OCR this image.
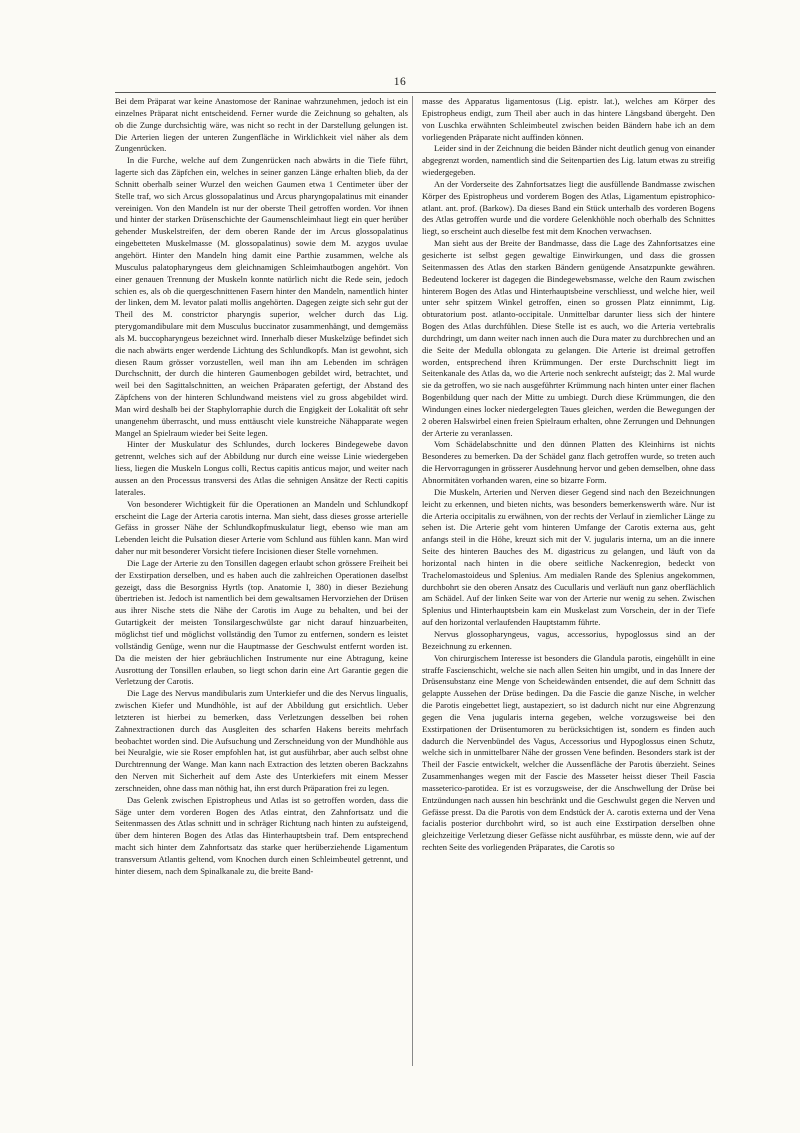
16

Bei dem Präparat war keine Anastomose der Raninae wahrzunehmen, jedoch ist ein einzelnes Präparat nicht entscheidend. Ferner wurde die Zeichnung so gehalten, als ob die Zunge durchsichtig wäre, was nicht so recht in der Darstellung gelungen ist. Die Arterien liegen der unteren Zungenfläche in Wirklichkeit viel näher als dem Zungenrücken.

In die Furche, welche auf dem Zungenrücken nach abwärts in die Tiefe führt, lagerte sich das Zäpfchen ein, welches in seiner ganzen Länge erhalten blieb, da der Schnitt oberhalb seiner Wurzel den weichen Gaumen etwa 1 Centimeter über der Stelle traf, wo sich Arcus glossopalatinus und Arcus pharyngopalatinus mit einander vereinigen. Von den Mandeln ist nur der oberste Theil getroffen worden. Vor ihnen und hinter der starken Drüsenschichte der Gaumenschleimhaut liegt ein quer herüber gehender Muskelstreifen, der dem oberen Rande der im Arcus glossopalatinus eingebetteten Muskelmasse (M. glossopalatinus) sowie dem M. azygos uvulae angehört. Hinter den Mandeln hing damit eine Parthie zusammen, welche als Musculus palatopharyngeus dem gleichnamigen Schleimhautbogen angehört. Von einer genauen Trennung der Muskeln konnte natürlich nicht die Rede sein, jedoch schien es, als ob die quergeschnittenen Fasern hinter den Mandeln, namentlich hinter der linken, dem M. levator palati mollis angehörten. Dagegen zeigte sich sehr gut der Theil des M. constrictor pharyngis superior, welcher durch das Lig. pterygomandibulare mit dem Musculus buccinator zusammenhängt, und demgemäss als M. buccopharyngeus bezeichnet wird. Innerhalb dieser Muskelzüge befindet sich die nach abwärts enger werdende Lichtung des Schlundkopfs. Man ist gewohnt, sich diesen Raum grösser vorzustellen, weil man ihn am Lebenden im schrägen Durchschnitt, der durch die hinteren Gaumenbogen gebildet wird, betrachtet, und weil bei den Sagittalschnitten, an weichen Präparaten gefertigt, der Abstand des Zäpfchens von der hinteren Schlundwand meistens viel zu gross abgebildet wird. Man wird deshalb bei der Staphylorraphie durch die Engigkeit der Lokalität oft sehr unangenehm überrascht, und muss enttäuscht viele kunstreiche Nähapparate wegen Mangel an Spielraum wieder bei Seite legen.

Hinter der Muskulatur des Schlundes, durch lockeres Bindegewebe davon getrennt, welches sich auf der Abbildung nur durch eine weisse Linie wiedergeben liess, liegen die Muskeln Longus colli, Rectus capitis anticus major, und weiter nach aussen an den Processus transversi des Atlas die sehnigen Ansätze der Recti capitis laterales.

Von besonderer Wichtigkeit für die Operationen an Mandeln und Schlundkopf erscheint die Lage der Arteria carotis interna. Man sieht, dass dieses grosse arterielle Gefäss in grosser Nähe der Schlundkopfmuskulatur liegt, ebenso wie man am Lebenden leicht die Pulsation dieser Arterie vom Schlund aus fühlen kann. Man wird daher nur mit besonderer Vorsicht tiefere Incisionen dieser Stelle vornehmen.

Die Lage der Arterie zu den Tonsillen dagegen erlaubt schon grössere Freiheit bei der Exstirpation derselben, und es haben auch die zahlreichen Operationen daselbst gezeigt, dass die Besorgniss Hyrtls (top. Anatomie I, 380) in dieser Beziehung übertrieben ist. Jedoch ist namentlich bei dem gewaltsamen Hervorziehen der Drüsen aus ihrer Nische stets die Nähe der Carotis im Auge zu behalten, und bei der Gutartigkeit der meisten Tonsilargeschwülste gar nicht darauf hinzuarbeiten, möglichst tief und möglichst vollständig den Tumor zu entfernen, sondern es leistet vollständig Genüge, wenn nur die Hauptmasse der Geschwulst entfernt worden ist. Da die meisten der hier gebräuchlichen Instrumente nur eine Abtragung, keine Ausrottung der Tonsillen erlauben, so liegt schon darin eine Art Garantie gegen die Verletzung der Carotis.

Die Lage des Nervus mandibularis zum Unterkiefer und die des Nervus lingualis, zwischen Kiefer und Mundhöhle, ist auf der Abbildung gut ersichtlich. Ueber letzteren ist hierbei zu bemerken, dass Verletzungen desselben bei rohen Zahnextractionen durch das Ausgleiten des scharfen Hakens bereits mehrfach beobachtet worden sind. Die Aufsuchung und Zerschneidung von der Mundhöhle aus bei Neuralgie, wie sie Roser empfohlen hat, ist gut ausführbar, aber auch selbst ohne Durchtrennung der Wange. Man kann nach Extraction des letzten oberen Backzahns den Nerven mit Sicherheit auf dem Aste des Unterkiefers mit einem Messer zerschneiden, ohne dass man nöthig hat, ihn erst durch Präparation frei zu legen.

Das Gelenk zwischen Epistropheus und Atlas ist so getroffen worden, dass die Säge unter dem vorderen Bogen des Atlas eintrat, den Zahnfortsatz und die Seitenmassen des Atlas schnitt und in schräger Richtung nach hinten zu aufsteigend, über dem hinteren Bogen des Atlas das Hinterhauptsbein traf. Dem entsprechend macht sich hinter dem Zahnfortsatz das starke quer herüberziehende Ligamentum transversum Atlantis geltend, vom Knochen durch einen Schleimbeutel getrennt, und hinter diesem, nach dem Spinalkanale zu, die breite Band-

masse des Apparatus ligamentosus (Lig. epistr. lat.), welches am Körper des Epistropheus endigt, zum Theil aber auch in das hintere Längsband übergeht. Den von Luschka erwähnten Schleimbeutel zwischen beiden Bändern habe ich an dem vorliegenden Präparate nicht auffinden können.

Leider sind in der Zeichnung die beiden Bänder nicht deutlich genug von einander abgegrenzt worden, namentlich sind die Seitenpartien des Lig. latum etwas zu streifig wiedergegeben.

An der Vorderseite des Zahnfortsatzes liegt die ausfüllende Bandmasse zwischen Körper des Epistropheus und vorderem Bogen des Atlas, Ligamentum epistrophico-atlant. ant. prof. (Barkow). Da dieses Band ein Stück unterhalb des vorderen Bogens des Atlas getroffen wurde und die vordere Gelenkhöhle noch oberhalb des Schnittes liegt, so erscheint auch dieselbe fest mit dem Knochen verwachsen.

Man sieht aus der Breite der Bandmasse, dass die Lage des Zahnfortsatzes eine gesicherte ist selbst gegen gewaltige Einwirkungen, und dass die grossen Seitenmassen des Atlas den starken Bändern genügende Ansatzpunkte gewähren. Bedeutend lockerer ist dagegen die Bindegewebsmasse, welche den Raum zwischen hinterem Bogen des Atlas und Hinterhauptsbeine verschliesst, und welche hier, weil unter sehr spitzem Winkel getroffen, einen so grossen Platz einnimmt, Lig. obturatorium post. atlanto-occipitale. Unmittelbar darunter liess sich der hintere Bogen des Atlas durchfühlen. Diese Stelle ist es auch, wo die Arteria vertebralis durchdringt, um dann weiter nach innen auch die Dura mater zu durchbrechen und an die Seite der Medulla oblongata zu gelangen. Die Arterie ist dreimal getroffen worden, entsprechend ihren Krümmungen. Der erste Durchschnitt liegt im Seitenkanale des Atlas da, wo die Arterie noch senkrecht aufsteigt; das 2. Mal wurde sie da getroffen, wo sie nach ausgeführter Krümmung nach hinten unter einer flachen Bogenbildung quer nach der Mitte zu umbiegt. Durch diese Krümmungen, die den Windungen eines locker niedergelegten Taues gleichen, werden die Bewegungen der 2 oberen Halswirbel einen freien Spielraum erhalten, ohne Zerrungen und Dehnungen der Arterie zu veranlassen.

Vom Schädelabschnitte und den dünnen Platten des Kleinhirns ist nichts Besonderes zu bemerken. Da der Schädel ganz flach getroffen wurde, so treten auch die Hervorragungen in grösserer Ausdehnung hervor und geben demselben, ohne dass Abnormitäten vorhanden waren, eine so bizarre Form.

Die Muskeln, Arterien und Nerven dieser Gegend sind nach den Bezeichnungen leicht zu erkennen, und bieten nichts, was besonders bemerkenswerth wäre. Nur ist die Arteria occipitalis zu erwähnen, von der rechts der Verlauf in ziemlicher Länge zu sehen ist. Die Arterie geht vom hinteren Umfange der Carotis externa aus, geht anfangs steil in die Höhe, kreuzt sich mit der V. jugularis interna, um an die innere Seite des hinteren Bauches des M. digastricus zu gelangen, und läuft von da horizontal nach hinten in die obere seitliche Nackenregion, bedeckt von Trachelomastoideus und Splenius. Am medialen Rande des Splenius angekommen, durchbohrt sie den oberen Ansatz des Cucullaris und verläuft nun ganz oberflächlich am Schädel. Auf der linken Seite war von der Arterie nur wenig zu sehen. Zwischen Splenius und Hinterhauptsbein kam ein Muskelast zum Vorschein, der in der Tiefe auf den horizontal verlaufenden Hauptstamm führte.

Nervus glossopharyngeus, vagus, accessorius, hypoglossus sind an der Bezeichnung zu erkennen.

Von chirurgischem Interesse ist besonders die Glandula parotis, eingehüllt in eine straffe Fascienschicht, welche sie nach allen Seiten hin umgibt, und in das Innere der Drüsensubstanz eine Menge von Scheidewänden entsendet, die auf dem Schnitt das gelappte Aussehen der Drüse bedingen. Da die Fascie die ganze Nische, in welcher die Parotis eingebettet liegt, austapeziert, so ist dadurch nicht nur eine Abgrenzung gegen die Vena jugularis interna gegeben, welche vorzugsweise bei den Exstirpationen der Drüsentumoren zu berücksichtigen ist, sondern es finden auch dadurch die Nervenbündel des Vagus, Accessorius und Hypoglossus einen Schutz, welche sich in unmittelbarer Nähe der grossen Vene befinden. Besonders stark ist der Theil der Fascie entwickelt, welcher die Aussenfläche der Parotis überzieht. Seines Zusammenhanges wegen mit der Fascie des Masseter heisst dieser Theil Fascia masseterico-parotidea. Er ist es vorzugsweise, der die Anschwellung der Drüse bei Entzündungen nach aussen hin beschränkt und die Geschwulst gegen die Nerven und Gefässe presst. Da die Parotis von dem Endstück der A. carotis externa und der Vena facialis posterior durchbohrt wird, so ist auch eine Exstirpation derselben ohne gleichzeitige Verletzung dieser Gefässe nicht ausführbar, es müsste denn, wie auf der rechten Seite des vorliegenden Präparates, die Carotis so
